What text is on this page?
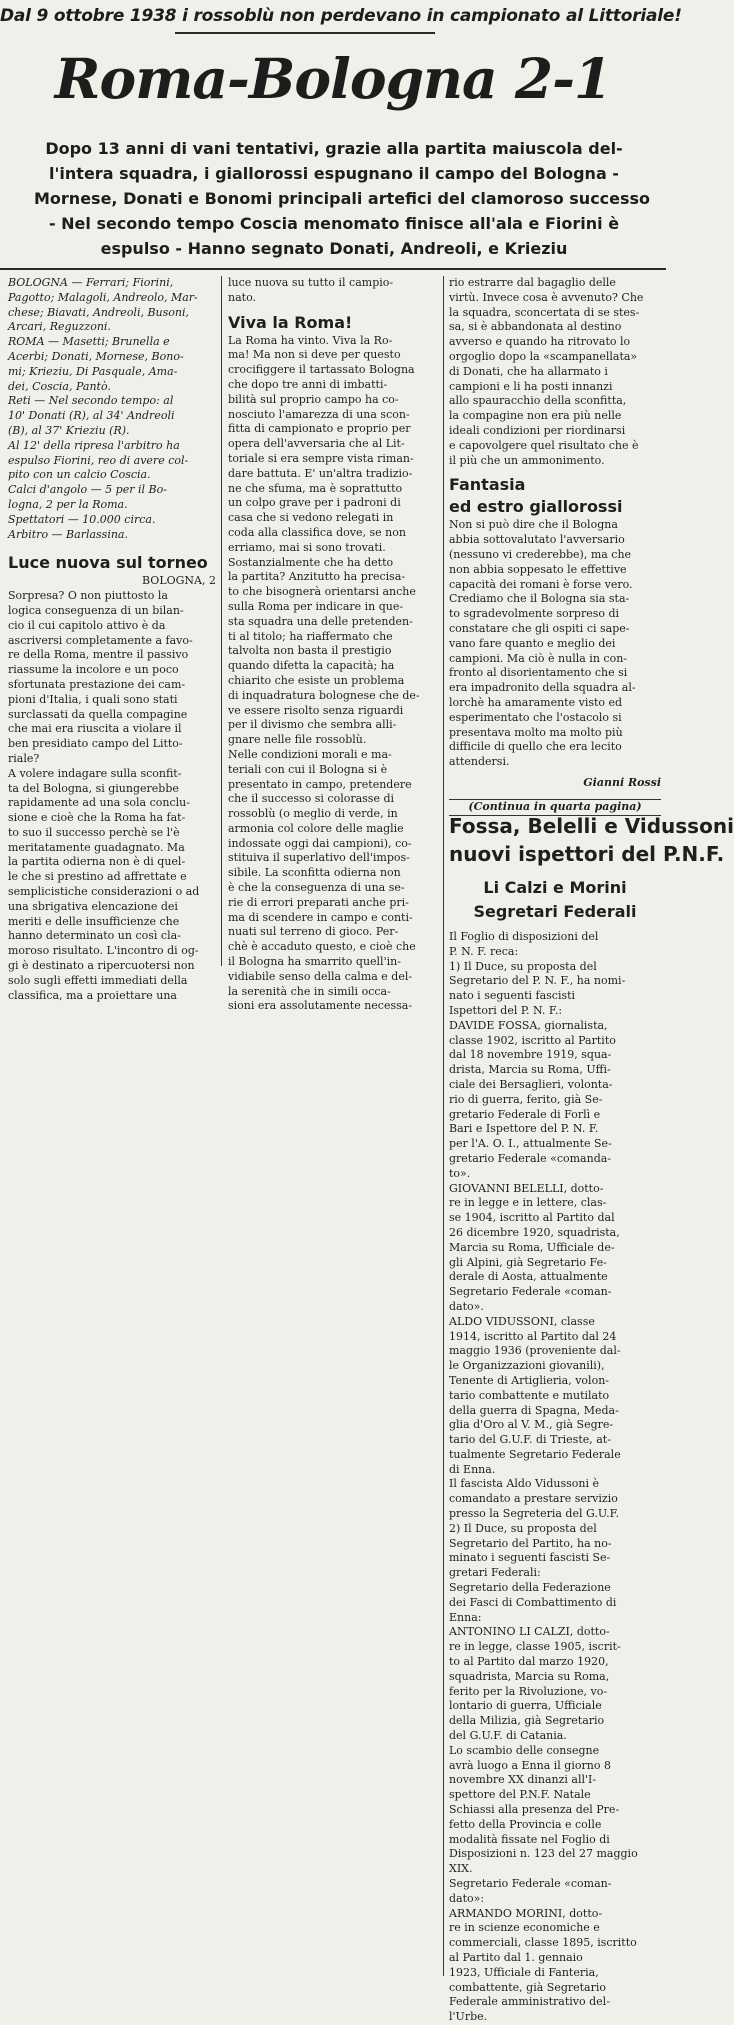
Dal 9 ottobre 1938 i rossoblù non perdevano in campionato al Littoriale!
Roma-Bologna 2-1
Dopo 13 anni di vani tentativi, grazie alla partita maiuscola del-
l'intera squadra, i giallorossi espugnano il campo del Bologna -
Mornese, Donati e Bonomi principali artefici del clamoroso successo
- Nel secondo tempo Coscia menomato finisce all'ala e Fiorini è
espulso - Hanno segnato Donati, Andreoli, e Krieziu
BOLOGNA — Ferrari; Fiorini,
Pagotto; Malagoli, Andreolo, Mar-
chese; Biavati, Andreoli, Busoni,
Arcari, Reguzzoni.
ROMA — Masetti; Brunella e
Acerbi; Donati, Mornese, Bono-
mi; Krieziu, Di Pasquale, Ama-
dei, Coscia, Pantò.
Reti — Nel secondo tempo: al
10' Donati (R), al 34' Andreoli
(B), al 37' Krieziu (R).
Al 12' della ripresa l'arbitro ha
espulso Fiorini, reo di avere col-
pito con un calcio Coscia.
Calci d'angolo — 5 per il Bo-
logna, 2 per la Roma.
Spettatori — 10.000 circa.
Arbitro — Barlassina.
Luce nuova sul torneo
BOLOGNA, 2
Sorpresa? O non piuttosto la
logica conseguenza di un bilan-
cio il cui capitolo attivo è da
ascriversi completamente a favo-
re della Roma, mentre il passivo
riassume la incolore e un poco
sfortunata prestazione dei cam-
pioni d'Italia, i quali sono stati
surclassati da quella compagine
che mai era riuscita a violare il
ben presidiato campo del Litto-
riale?
A volere indagare sulla sconfit-
ta del Bologna, si giungerebbe
rapidamente ad una sola conclu-
sione e cioè che la Roma ha fat-
to suo il successo perchè se l'è
meritatamente guadagnato. Ma
la partita odierna non è di quel-
le che si prestino ad affrettate e
semplicistiche considerazioni o ad
una sbrigativa elencazione dei
meriti e delle insufficienze che
hanno determinato un così cla-
moroso risultato. L'incontro di og-
gi è destinato a ripercuotersi non
solo sugli effetti immediati della
classifica, ma a proiettare una
luce nuova su tutto il campio-
nato.
Viva la Roma!
La Roma ha vinto. Viva la Ro-
ma! Ma non si deve per questo
crocifiggere il tartassato Bologna
che dopo tre anni di imbatti-
bilità sul proprio campo ha co-
nosciuto l'amarezza di una scon-
fitta di campionato e proprio per
opera dell'avversaria che al Lit-
toriale si era sempre vista riman-
dare battuta. E' un'altra tradizio-
ne che sfuma, ma è soprattutto
un colpo grave per i padroni di
casa che si vedono relegati in
coda alla classifica dove, se non
erriamo, mai si sono trovati.
Sostanzialmente che ha detto
la partita? Anzitutto ha precisa-
to che bisognerà orientarsi anche
sulla Roma per indicare in que-
sta squadra una delle pretenden-
ti al titolo; ha riaffermato che
talvolta non basta il prestigio
quando difetta la capacità; ha
chiarito che esiste un problema
di inquadratura bolognese che de-
ve essere risolto senza riguardi
per il divismo che sembra alli-
gnare nelle file rossoblù.
Nelle condizioni morali e ma-
teriali con cui il Bologna si è
presentato in campo, pretendere
che il successo si colorasse di
rossoblù (o meglio di verde, in
armonia col colore delle maglie
indossate oggi dai campioni), co-
stituiva il superlativo dell'impos-
sibile. La sconfitta odierna non
è che la conseguenza di una se-
rie di errori preparati anche pri-
ma di scendere in campo e conti-
nuati sul terreno di gioco. Per-
chè è accaduto questo, e cioè che
il Bologna ha smarrito quell'in-
vidiabile senso della calma e del-
la serenità che in simili occa-
sioni era assolutamente necessa-
rio estrarre dal bagaglio delle
virtù. Invece cosa è avvenuto? Che
la squadra, sconcertata di se stes-
sa, si è abbandonata al destino
avverso e quando ha ritrovato lo
orgoglio dopo la «scampanellata»
di Donati, che ha allarmato i
campioni e li ha posti innanzi
allo spauracchio della sconfitta,
la compagine non era più nelle
ideali condizioni per riordinarsi
e capovolgere quel risultato che è
il più che un ammonimento.
Fantasia
ed estro giallorossi
Non si può dire che il Bologna
abbia sottovalutato l'avversario
(nessuno vi crederebbe), ma che
non abbia soppesato le effettive
capacità dei romani è forse vero.
Crediamo che il Bologna sia sta-
to sgradevolmente sorpreso di
constatare che gli ospiti ci sape-
vano fare quanto e meglio dei
campioni. Ma ciò è nulla in con-
fronto al disorientamento che si
era impadronito della squadra al-
lorchè ha amaramente visto ed
esperimentato che l'ostacolo si
presentava molto ma molto più
difficile di quello che era lecito
attendersi.
Gianni Rossi
(Continua in quarta pagina)
Fossa, Belelli e Vidussoni
nuovi ispettori del P.N.F.
Li Calzi e Morini
Segretari Federali
Il Foglio di disposizioni del
P. N. F. reca:
1) Il Duce, su proposta del
Segretario del P. N. F., ha nomi-
nato i seguenti fascisti
Ispettori del P. N. F.:
DAVIDE FOSSA, giornalista,
classe 1902, iscritto al Partito
dal 18 novembre 1919, squa-
drista, Marcia su Roma, Uffi-
ciale dei Bersaglieri, volonta-
rio di guerra, ferito, già Se-
gretario Federale di Forlì e
Bari e Ispettore del P. N. F.
per l'A. O. I., attualmente Se-
gretario Federale «comanda-
to».
GIOVANNI BELELLI, dotto-
re in legge e in lettere, clas-
se 1904, iscritto al Partito dal
26 dicembre 1920, squadrista,
Marcia su Roma, Ufficiale de-
gli Alpini, già Segretario Fe-
derale di Aosta, attualmente
Segretario Federale «coman-
dato».
ALDO VIDUSSONI, classe
1914, iscritto al Partito dal 24
maggio 1936 (proveniente dal-
le Organizzazioni giovanili),
Tenente di Artiglieria, volon-
tario combattente e mutilato
della guerra di Spagna, Meda-
glia d'Oro al V. M., già Segre-
tario del G.U.F. di Trieste, at-
tualmente Segretario Federale
di Enna.
Il fascista Aldo Vidussoni è
comandato a prestare servizio
presso la Segreteria del G.U.F.
2) Il Duce, su proposta del
Segretario del Partito, ha no-
minato i seguenti fascisti Se-
gretari Federali:
Segretario della Federazione
dei Fasci di Combattimento di
Enna:
ANTONINO LI CALZI, dotto-
re in legge, classe 1905, iscrit-
to al Partito dal marzo 1920,
squadrista, Marcia su Roma,
ferito per la Rivoluzione, vo-
lontario di guerra, Ufficiale
della Milizia, già Segretario
del G.U.F. di Catania.
Lo scambio delle consegne
avrà luogo a Enna il giorno 8
novembre XX dinanzi all'I-
spettore del P.N.F. Natale
Schiassi alla presenza del Pre-
fetto della Provincia e colle
modalità fissate nel Foglio di
Disposizioni n. 123 del 27 maggio
XIX.
Segretario Federale «coman-
dato»:
ARMANDO MORINI, dotto-
re in scienze economiche e
commerciali, classe 1895, iscritto
al Partito dal 1. gennaio
1923, Ufficiale di Fanteria,
combattente, già Segretario
Federale amministrativo del-
l'Urbe.
